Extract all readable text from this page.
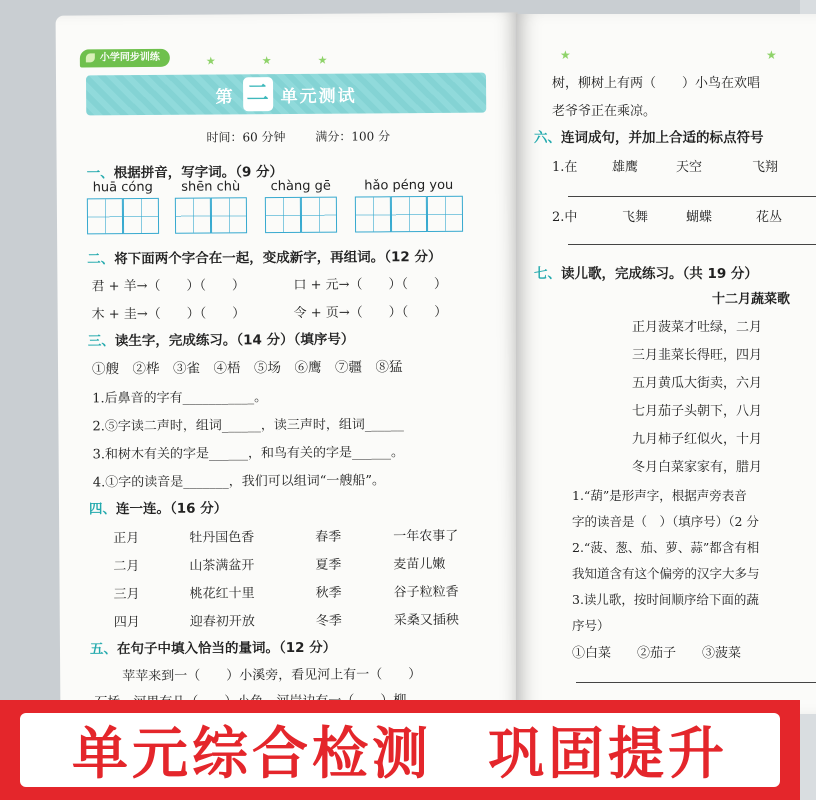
小学同步训练	★★★
第 二 单元测试
时间：60 分钟 满分：100 分
一、根据拼音，写字词。（9 分）
huā cóng	shēn chù	chàng gē	hǎo péng you
二、将下面两个字合在一起，变成新字，再组词。（12 分）
君 + 羊→（　　）（　　）	口 + 元→（　　）（　　）
木 + 圭→（　　）（　　）	令 + 页→（　　）（　　）
三、读生字，完成练习。（14 分）（填序号）
①艘　②桦　③雀　④梧　⑤场　⑥鹰　⑦疆　⑧猛
1.后鼻音的字有___________。
2.⑤字读二声时，组词______，读三声时，组词______
3.和树木有关的字是______，和鸟有关的字是______。
4.①字的读音是_______，我们可以组词“一艘船”。
四、连一连。（16 分）
正月	牡丹国色香	春季	一年农事了
二月	山茶满盆开	夏季	麦苗儿嫩
三月	桃花红十里	秋季	谷子粒粒香
四月	迎春初开放	冬季	采桑又插秧
五、在句子中填入恰当的量词。（12 分）
苹苹来到一（　　）小溪旁，看见河上有一（　　）
★	★
树，柳树上有两（　　）小鸟在欢唱
老爷爷正在乘凉。
六、连词成句，并加上合适的标点符号
1.在	雄鹰	天空	飞翔
2.中	飞舞	蝴蝶	花丛
七、读儿歌，完成练习。（共 19 分）
十二月蔬菜歌
正月菠菜才吐绿，二月
三月韭菜长得旺，四月
五月黄瓜大街卖，六月
七月茄子头朝下，八月
九月柿子红似火，十月
冬月白菜家家有，腊月
1.“葫”是形声字，根据声旁表音
字的读音是（　）（填序号）（2 分
2.“菠、葱、茄、萝、蒜”都含有相
我知道含有这个偏旁的汉字大多与
3.读儿歌，按时间顺序给下面的蔬
序号）
①白菜　　②茄子　　③菠菜
单元综合检测 巩固提升
